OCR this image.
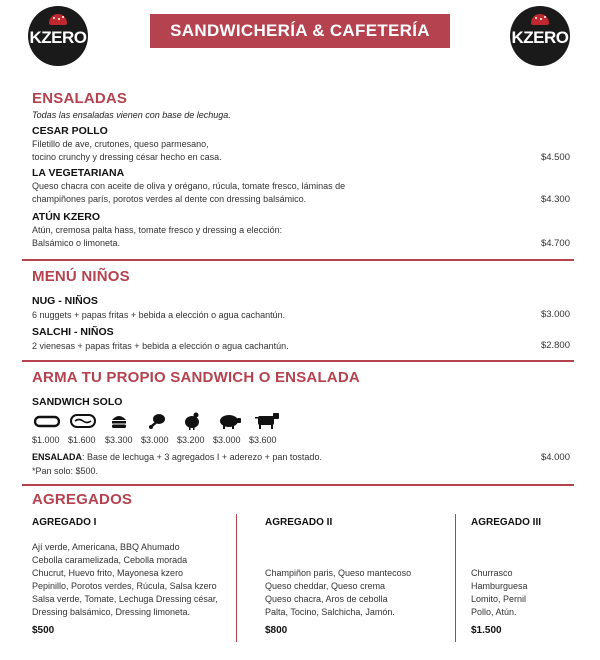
KZERO	SANDWICHERÍA & CAFETERÍA	KZERO
ENSALADAS
Todas las ensaladas vienen con base de lechuga.
CESAR POLLO
Filetillo de ave, crutones, queso parmesano,
tocino crunchy y dressing césar hecho en casa.	$4.500
LA VEGETARIANA
Queso chacra con aceite de oliva y orégano, rúcula, tomate fresco, láminas de
champiñones parís, porotos verdes al dente con dressing balsámico.	$4.300
ATÚN KZERO
Atún, cremosa palta hass, tomate fresco y dressing a elección:
Balsámico o limoneta.	$4.700
MENÚ NIÑOS
NUG - NIÑOS
6 nuggets + papas fritas + bebida a elección o agua cachantún.	$3.000
SALCHI - NIÑOS
2 vienesas + papas fritas + bebida a elección o agua cachantún.	$2.800
ARMA TU PROPIO SANDWICH O ENSALADA
SANDWICH SOLO
$1.000 $1.600 $3.300 $3.000 $3.200 $3.000 $3.600
ENSALADA: Base de lechuga + 3 agregados I + aderezo + pan tostado.	$4.000
*Pan solo: $500.
AGREGADOS
AGREGADO I
Ají verde, Americana, BBQ Ahumado
Cebolla caramelizada, Cebolla morada
Chucrut, Huevo frito, Mayonesa kzero
Pepinillo, Porotos verdes, Rúcula, Salsa kzero
Salsa verde, Tomate, Lechuga Dressing césar,
Dressing balsámico, Dressing limoneta.
$500
AGREGADO II
Champiñon paris, Queso mantecoso
Queso cheddar, Queso crema
Queso chacra, Aros de cebolla
Palta, Tocino, Salchicha, Jamón.
$800
AGREGADO III
Churrasco
Hamburguesa
Lomito, Pernil
Pollo, Atún.
$1.500
